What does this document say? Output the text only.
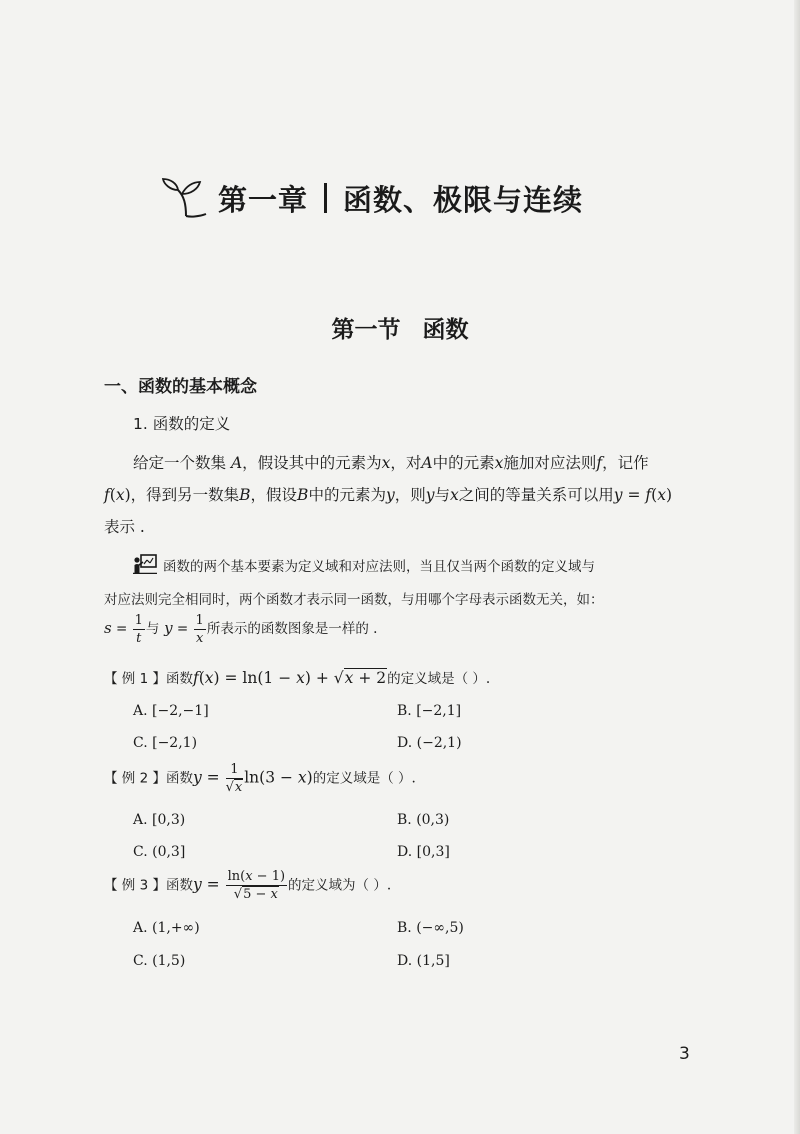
第一章 函数、极限与连续
第一节 函数
一、函数的基本概念
1. 函数的定义
给定一个数集 A，假设其中的元素为x，对A中的元素x施加对应法则f，记作
f(x)，得到另一数集B，假设B中的元素为y，则y与x之间的等量关系可以用y = f(x)
表示 .
函数的两个基本要素为定义域和对应法则，当且仅当两个函数的定义域与
对应法则完全相同时，两个函数才表示同一函数，与用哪个字母表示函数无关，如：
$s = \frac{1}{t}$ 与 $y = \frac{1}{x}$ 所表示的函数图象是一样的 .
【 例 1 】函数f(x) = ln(1 − x) + √x + 2的定义域是（ ）.
A. [−2,−1]	B. [−2,1]
C. [−2,1)	D. (−2,1)
【 例 2 】函数$y = \frac{1}{√x} \ln(3 - x)$的定义域是（ ）.
A. [0,3)	B. (0,3)
C. (0,3]	D. [0,3]
【 例 3 】函数$y = \frac{\ln(x - 1)}{√5 - x}$ 的定义域为（ ）.
A. (1,+∞)	B. (−∞,5)
C. (1,5)	D. (1,5]
3
